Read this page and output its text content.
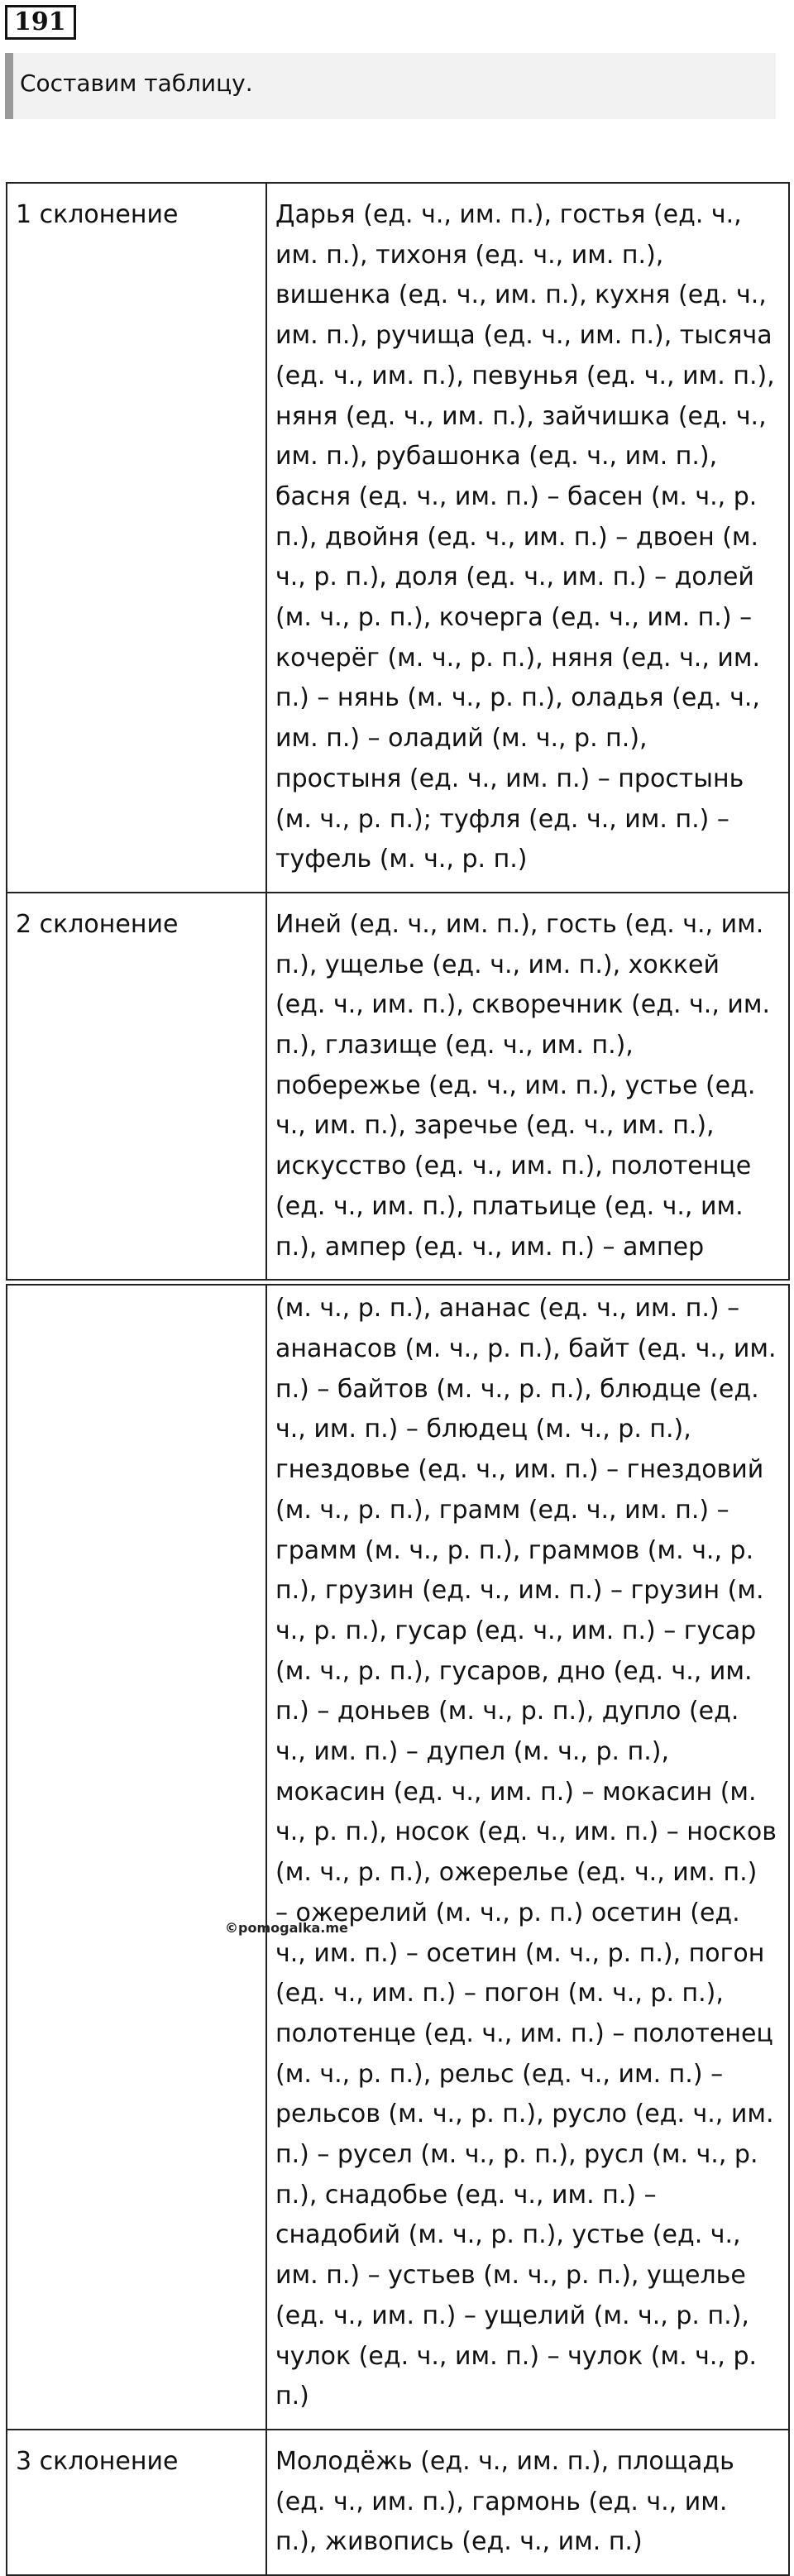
191
Составим таблицу.
1 склонение	Дарья (ед. ч., им. п.), гостья (ед. ч., им. п.), тихоня (ед. ч., им. п.), вишенка (ед. ч., им. п.), кухня (ед. ч., им. п.), ручища (ед. ч., им. п.), тысяча (ед. ч., им. п.), певунья (ед. ч., им. п.), няня (ед. ч., им. п.), зайчишка (ед. ч., им. п.), рубашонка (ед. ч., им. п.), басня (ед. ч., им. п.) – басен (м. ч., р. п.), двойня (ед. ч., им. п.) – двоен (м. ч., р. п.), доля (ед. ч., им. п.) – долей (м. ч., р. п.), кочерга (ед. ч., им. п.) – кочерёг (м. ч., р. п.), няня (ед. ч., им. п.) – нянь (м. ч., р. п.), оладья (ед. ч., им. п.) – оладий (м. ч., р. п.), простыня (ед. ч., им. п.) – простынь (м. ч., р. п.); туфля (ед. ч., им. п.) – туфель (м. ч., р. п.)
2 склонение	Иней (ед. ч., им. п.), гость (ед. ч., им. п.), ущелье (ед. ч., им. п.), хоккей (ед. ч., им. п.), скворечник (ед. ч., им. п.), глазище (ед. ч., им. п.), побережье (ед. ч., им. п.), устье (ед. ч., им. п.), заречье (ед. ч., им. п.), искусство (ед. ч., им. п.), полотенце (ед. ч., им. п.), платьице (ед. ч., им. п.), ампер (ед. ч., им. п.) – ампер

	(м. ч., р. п.), ананас (ед. ч., им. п.) – ананасов (м. ч., р. п.), байт (ед. ч., им. п.) – байтов (м. ч., р. п.), блюдце (ед. ч., им. п.) – блюдец (м. ч., р. п.), гнездовье (ед. ч., им. п.) – гнездовий (м. ч., р. п.), грамм (ед. ч., им. п.) – грамм (м. ч., р. п.), граммов (м. ч., р. п.), грузин (ед. ч., им. п.) – грузин (м. ч., р. п.), гусар (ед. ч., им. п.) – гусар (м. ч., р. п.), гусаров, дно (ед. ч., им. п.) – доньев (м. ч., р. п.), дупло (ед. ч., им. п.) – дупел (м. ч., р. п.), мокасин (ед. ч., им. п.) – мокасин (м. ч., р. п.), носок (ед. ч., им. п.) – носков (м. ч., р. п.), ожерелье (ед. ч., им. п.) – ожерелий (м. ч., р. п.) осетин (ед. ч., им. п.) – осетин (м. ч., р. п.), погон (ед. ч., им. п.) – погон (м. ч., р. п.), полотенце (ед. ч., им. п.) – полотенец (м. ч., р. п.), рельс (ед. ч., им. п.) – рельсов (м. ч., р. п.), русло (ед. ч., им. п.) – русел (м. ч., р. п.), русл (м. ч., р. п.), снадобье (ед. ч., им. п.) – снадобий (м. ч., р. п.), устье (ед. ч., им. п.) – устьев (м. ч., р. п.), ущелье (ед. ч., им. п.) – ущелий (м. ч., р. п.), чулок (ед. ч., им. п.) – чулок (м. ч., р. п.)
3 склонение	Молодёжь (ед. ч., им. п.), площадь (ед. ч., им. п.), гармонь (ед. ч., им. п.), живопись (ед. ч., им. п.)
©pomogalka.me
